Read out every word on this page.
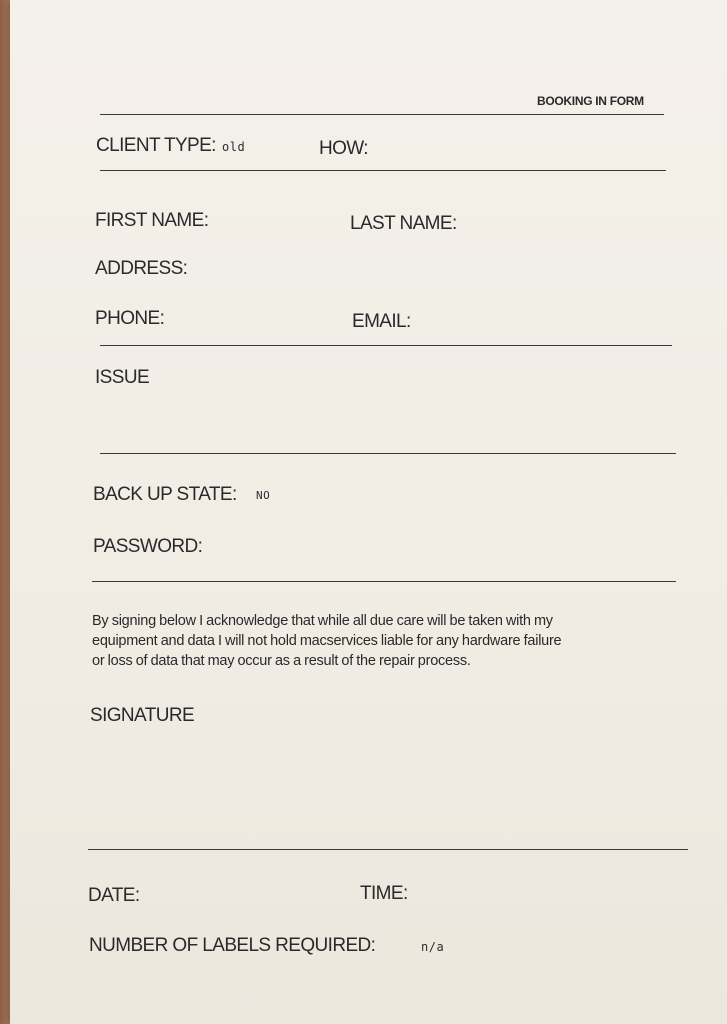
BOOKING IN FORM
CLIENT TYPE: old	HOW:
FIRST NAME:	LAST NAME:
ADDRESS:
PHONE:	EMAIL:
ISSUE
BACK UP STATE: NO
PASSWORD:
By signing below I acknowledge that while all due care will be taken with my
equipment and data I will not hold macservices liable for any hardware failure
or loss of data that may occur as a result of the repair process.
SIGNATURE
DATE:	TIME:
NUMBER OF LABELS REQUIRED:	n/a
